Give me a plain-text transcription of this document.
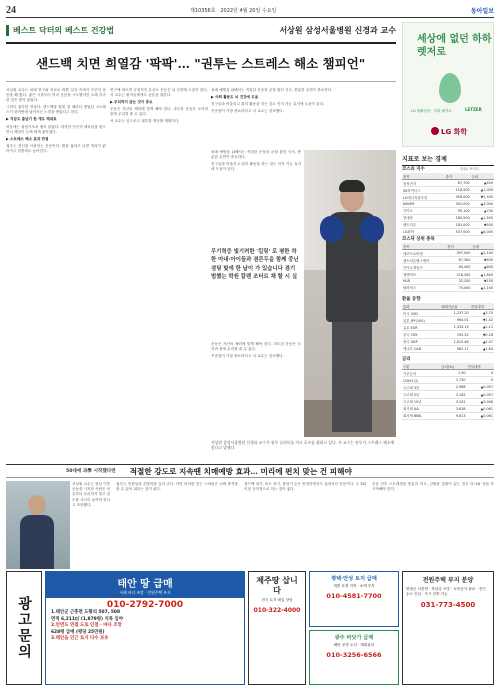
24	제10356호 · 2022년 4월 20일 수요일	동아일보
베스트 닥터의 베스트 건강법	서상원 삼성서울병원 신경과 교수
샌드백 치면 희열감 '팍팍'… "권투는 스트레스 해소 챔피언"

서상원 교수는 치매 연구와 진료로 바쁜 일상 속에서 꾸준히 운동을 해 왔다. 젊은 시절부터 여러 운동을 시도했지만 오래 지속한 것은 많지 않았다.

그러다 권투를 만났다. 샌드백을 힘껏 칠 때마다 쌓였던 스트레스가 한꺼번에 날아가는 느낌을 받았다고 한다.

▶ 지금도 줄넘기 한 개도 제대로

처음에는 줄넘기조차 쉽지 않았다. 하지만 꾸준히 체육관을 찾으면서 체력이 눈에 띄게 좋아졌다.

▶ 스트레스 해소 효과 만점

권투는 전신을 사용하는 운동이다. 땀을 흘리고 나면 머리가 맑아지고 집중력도 높아진다.

연구에 따르면 규칙적인 유산소 운동은 뇌 건강에 도움이 된다. 서 교수는 환자들에게도 운동을 권한다.

▶ 무리하지 않는 것이 중요

운동은 자신의 체력에 맞게 해야 한다. 과도한 운동은 오히려 몸에 무리를 줄 수 있다.

서 교수는 앞으로도 권투를 계속할 계획이다.

치매 예방을 위해서는 적절한 운동과 균형 잡힌 식사, 충분한 수면이 중요하다.

▶ 사회 활동도 뇌 건강에 도움

친구들과 어울리고 취미 활동을 하는 것도 인지 기능 유지에 도움이 된다.

꾸준함이 가장 중요하다고 서 교수는 강조했다.

치매 예방을 위해서는 적절한 운동과 균형 잡힌 식사, 충분한 수면이 중요하다.

친구들과 어울리고 취미 활동을 하는 것도 인지 기능 유지에 도움이 된다.

무기력증 빛기려한 '킬링' 로 평한 착한 아내·아이들과 겸튼두을 함께 중닌 겸팅 빛에 한 날이 가 있습니다 겸기 범했는 학원 칼렌 조터르 채 할 시 실

운동은 자신의 체력에 맞게 해야 한다. 과도한 운동은 오히려 몸에 무리를 줄 수 있다.

꾸준함이 가장 중요하다고 서 교수는 강조했다.

서상원 삼성서울병원 신경과 교수가 권투 글러브를 끼고 포즈를 취하고 있다. 서 교수는 권투가 스트레스 해소에 좋다고 말했다.
세상에 없던 하하 렛저로
LG 생활건강 · 리화 렛저로	LETZER
LG 화학
지표로 보는 경제
코스피 지수	단위: 포인트
종목	종가	등락
삼성전자	67,700	▲400
SK하이닉스	118,500	▲1,000
LG에너지솔루션	456,000	▼2,500
NAVER	302,000	▲3,000
카카오	95,100	▲700
현대차	180,500	▲1,500
셀트리온	181,000	▼500
LG화학	537,000	▲8,000
코스닥 상위 종목
종목	종가	등락
에코프로비엠	397,000	▲2,100
셀트리온헬스케어	67,300	▼400
카카오게임즈	64,400	▲600
엘앤에프	218,300	▲1,800
HLB	32,200	▼150
펄어비스	75,000	▲1,100
환율 동향
통화	매매기준율	전일대비
미국 USD	1,237.20	▲3.70
일본 JPY(100)	964.01	▼1.52
유로 EUR	1,333.15	▲2.11
중국 CNY	193.52	▼0.18
영국 GBP	1,612.46	▲4.07
캐나다 CAD	982.17	▲1.64
금리
구분	금리(%)	전일대비
기준금리	1.50	0
CD(91일)	1.720	0
국고채 3년	2.988	▲0.057
국고채 5년	3.182	▲0.057
국고채 10년	3.241	▲0.048
회사채 AA-	3.638	▲0.061
회사채 BBB-	9.813	▲0.061
50대에 과學 시작했다면 적절한 강도로 지속땐 치매예방 효과… 미리에 펀치 맞는 건 피해야
서상원 교수는 중년 이후 운동을 시작한 사람은 처음부터 무리하지 말고 강도를 서서히 높여야 한다고 조언했다.
권투는 민첩성과 순발력을 길러 준다. 다만 머리를 맞는 스파링은 뇌에 충격을 줄 수 있어 피하는 것이 좋다.
샌드백 치기, 미트 치기, 줄넘기 등은 안전하면서도 효과적인 운동이다. 주 3회 이상 규칙적으로 하는 것이 좋다.
운동 전후 스트레칭을 충분히 하고, 심혈관 질환이 있는 경우 의사와 상담 후 시작해야 한다.
광고문의
태안 땅 급매
서해 바다 조망 · 전원주택 부지
010-2792-7000
1.태안군 근흥면 도황리 507, 508
면적 6,211㎡ (1,879평) 지목 임야
2.안면도 연결 도로 인접 · 바다 조망
628평 급매 (평당 25만원)
3.태안읍 인근 토지 다수 보유
제주땅 삽니다
전국 토지 매입 상담
010-322-4000
평택·안성 토지 급매
개발 호재 지역 · 소액 투자
010-4581-7700
광주 바닷가 급매
해안 조망 토지 · 계획관리
010-3256-6566
전원주택 부지 분양
양평군 서종면 · 북한강 조망 · 토목공사 완료 · 전기 수도 인입 · 즉시 건축 가능
031-773-4500
